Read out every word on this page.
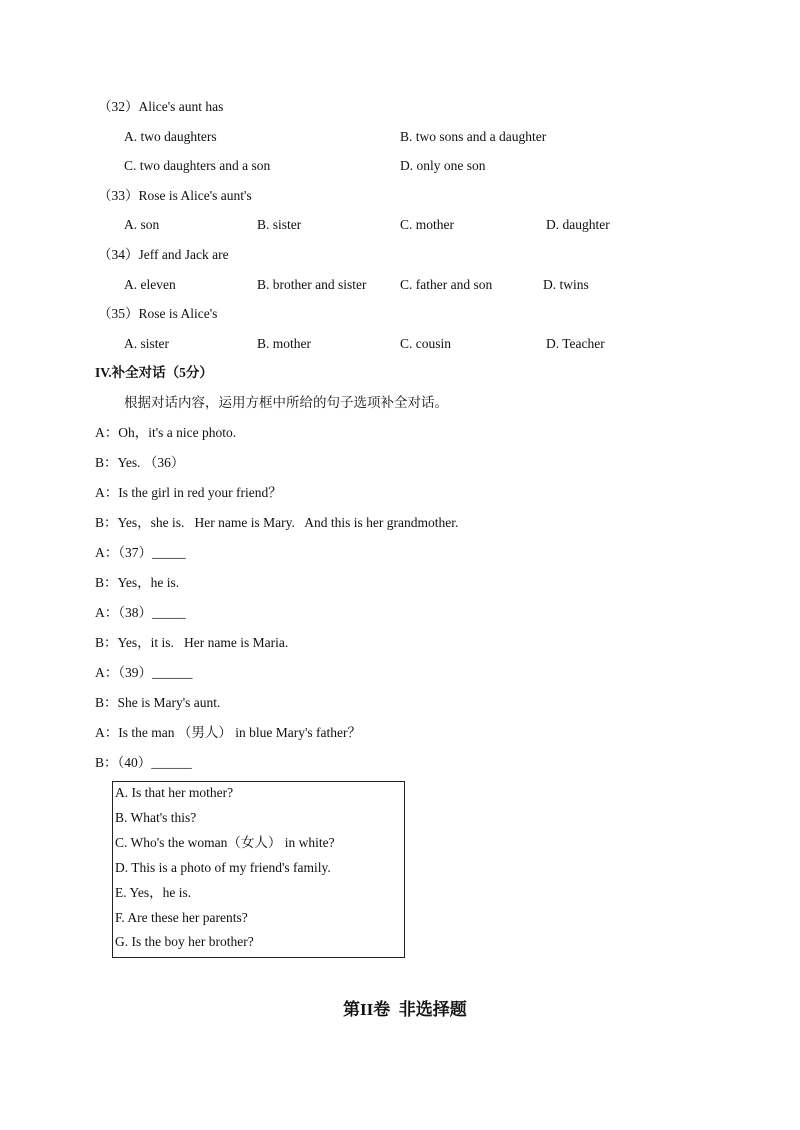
（32）Alice's aunt has
A. two daughters	B. two sons and a daughter
C. two daughters and a son	D. only one son
（33）Rose is Alice's aunt's
A. son	B. sister	C. mother	D. daughter
（34）Jeff and Jack are
A. eleven	B. brother and sister C. father and son	D. twins
（35）Rose is Alice's
A. sister	B. mother	C. cousin	D. Teacher
IV.补全对话（5分）
根据对话内容，运用方框中所给的句子选项补全对话。
A：Oh，it's a nice photo.
B：Yes. （36）
A：Is the girl in red your friend？
B：Yes，she is.   Her name is Mary.   And this is her grandmother.
A：（37）_____
B：Yes，he is.
A：（38）_____
B：Yes，it is.   Her name is Maria.
A：（39）______
B：She is Mary's aunt.
A：Is the man （男人） in blue Mary's father？
B：（40）______
A. Is that her mother?
B. What's this?
C. Who's the woman（女人） in white?
D. This is a photo of my friend's family.
E. Yes，he is.
F. Are these her parents?
G. Is the boy her brother?
第II卷  非选择题
